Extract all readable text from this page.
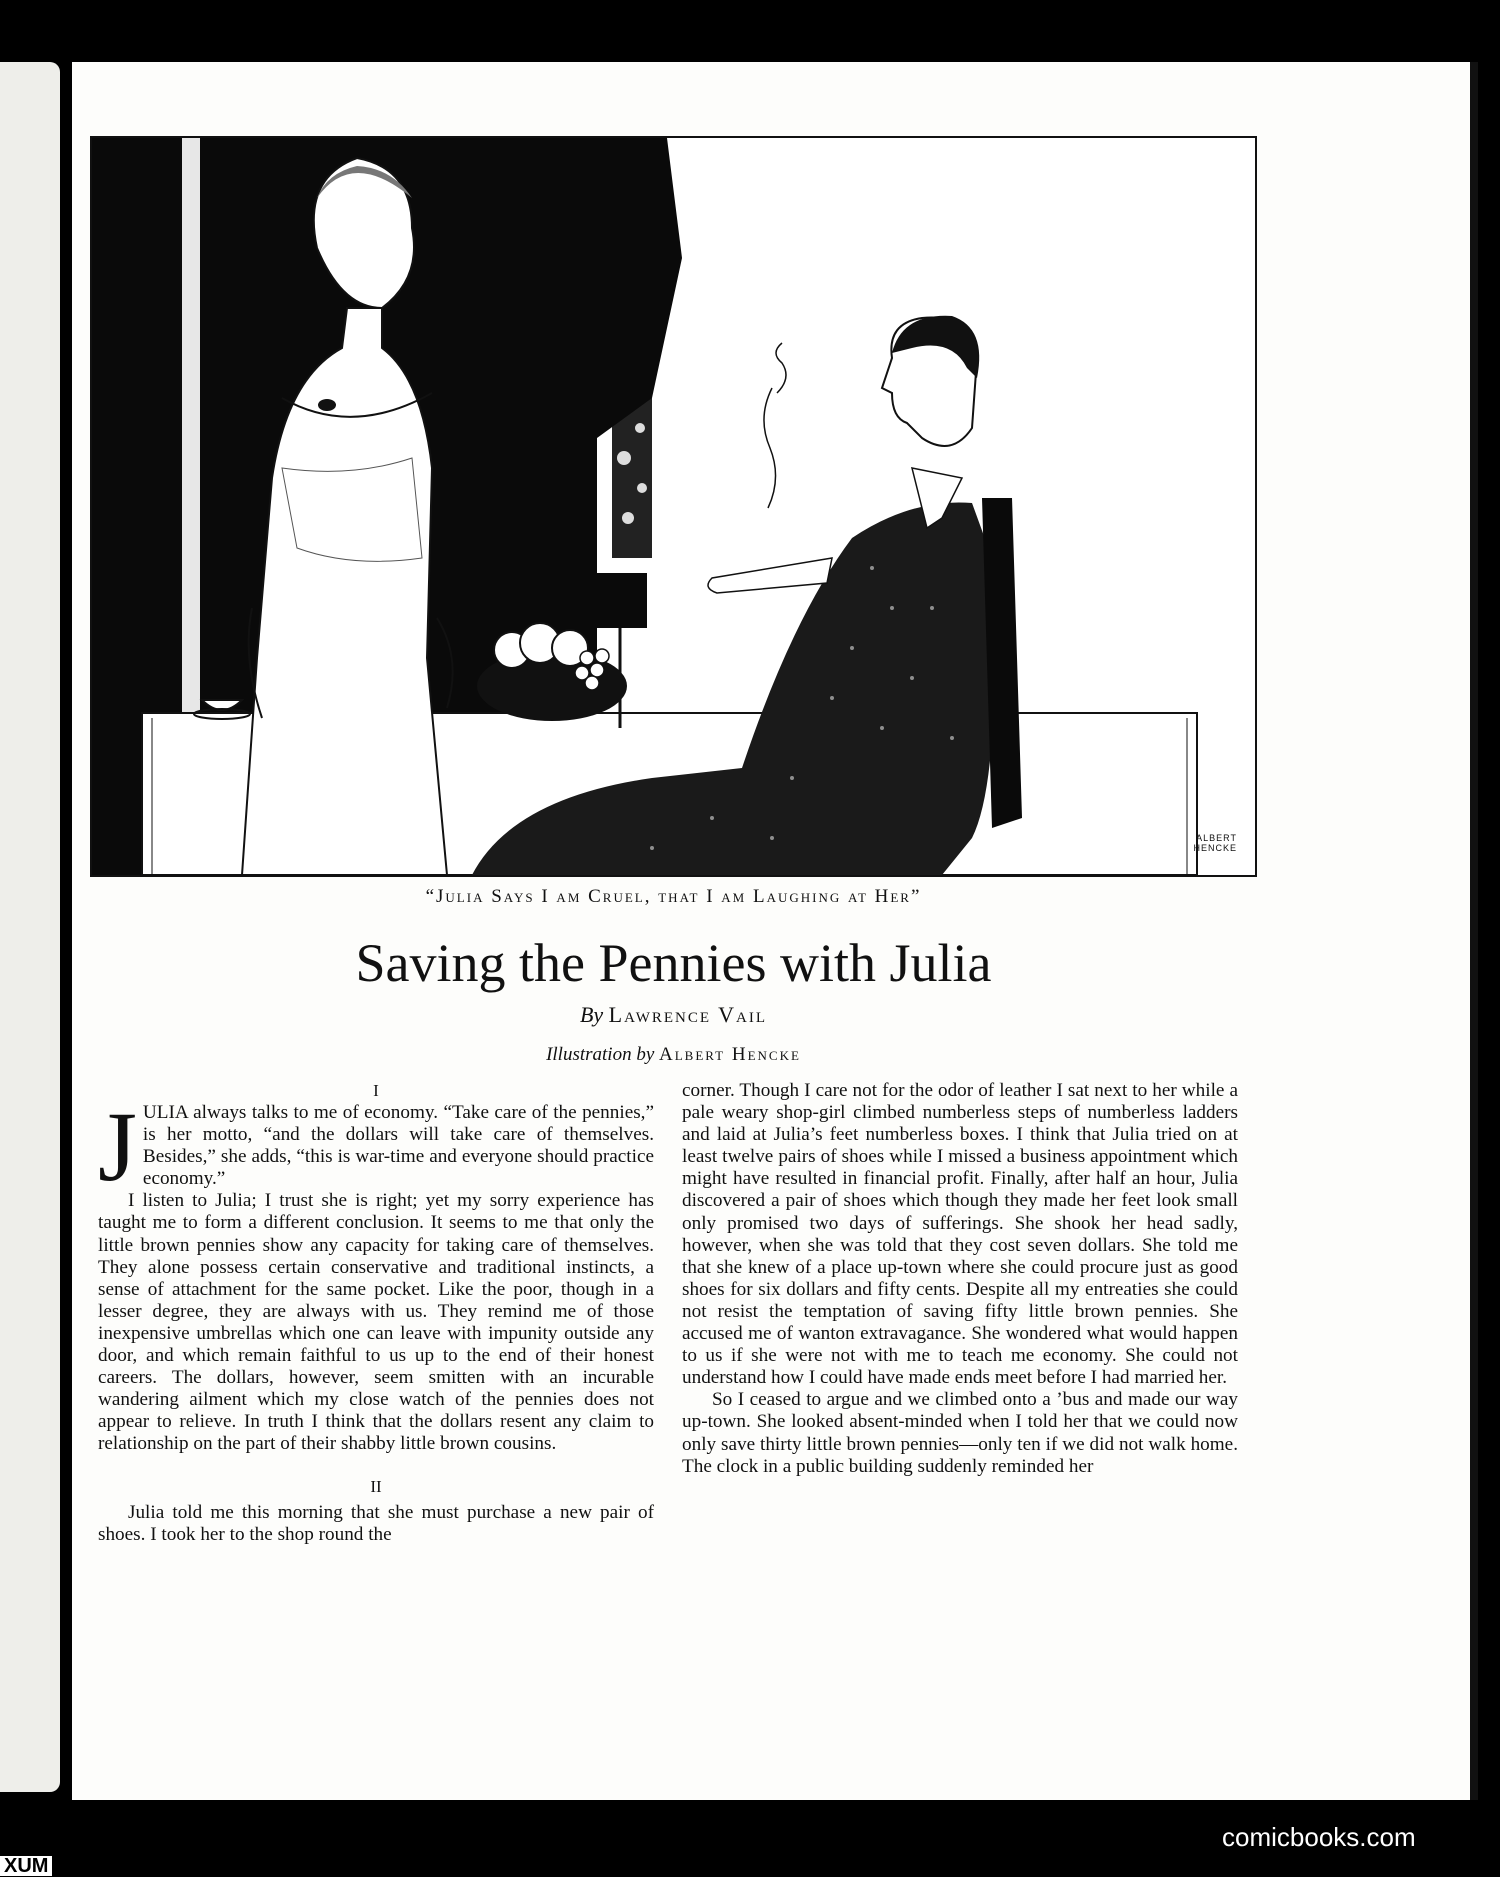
ALBERT
HENCKE
“Julia Says I am Cruel, that I am Laughing at Her”
Saving the Pennies with Julia
By Lawrence Vail
Illustration by Albert Hencke
I

JULIA always talks to me of economy. “Take care of the pennies,” is her motto, “and the dollars will take care of themselves. Besides,” she adds, “this is war-time and everyone should practice economy.”

I listen to Julia; I trust she is right; yet my sorry experience has taught me to form a different conclusion. It seems to me that only the little brown pennies show any capacity for taking care of themselves. They alone possess certain conservative and traditional instincts, a sense of attachment for the same pocket. Like the poor, though in a lesser degree, they are always with us. They remind me of those inexpensive umbrellas which one can leave with impunity outside any door, and which remain faithful to us up to the end of their honest careers. The dollars, however, seem smitten with an incurable wandering ailment which my close watch of the pennies does not appear to relieve. In truth I think that the dollars resent any claim to relationship on the part of their shabby little brown cousins.

II

Julia told me this morning that she must purchase a new pair of shoes. I took her to the shop round the

corner. Though I care not for the odor of leather I sat next to her while a pale weary shop-girl climbed numberless steps of numberless ladders and laid at Julia’s feet numberless boxes. I think that Julia tried on at least twelve pairs of shoes while I missed a business appointment which might have resulted in financial profit. Finally, after half an hour, Julia discovered a pair of shoes which though they made her feet look small only promised two days of sufferings. She shook her head sadly, however, when she was told that they cost seven dollars. She told me that she knew of a place up-town where she could procure just as good shoes for six dollars and fifty cents. Despite all my entreaties she could not resist the temptation of saving fifty little brown pennies. She accused me of wanton extravagance. She wondered what would happen to us if she were not with me to teach me economy. She could not understand how I could have made ends meet before I had married her.

So I ceased to argue and we climbed onto a ’bus and made our way up-town. She looked absent-minded when I told her that we could now only save thirty little brown pennies—only ten if we did not walk home. The clock in a public building suddenly reminded her

comicbooks.com
XUM
